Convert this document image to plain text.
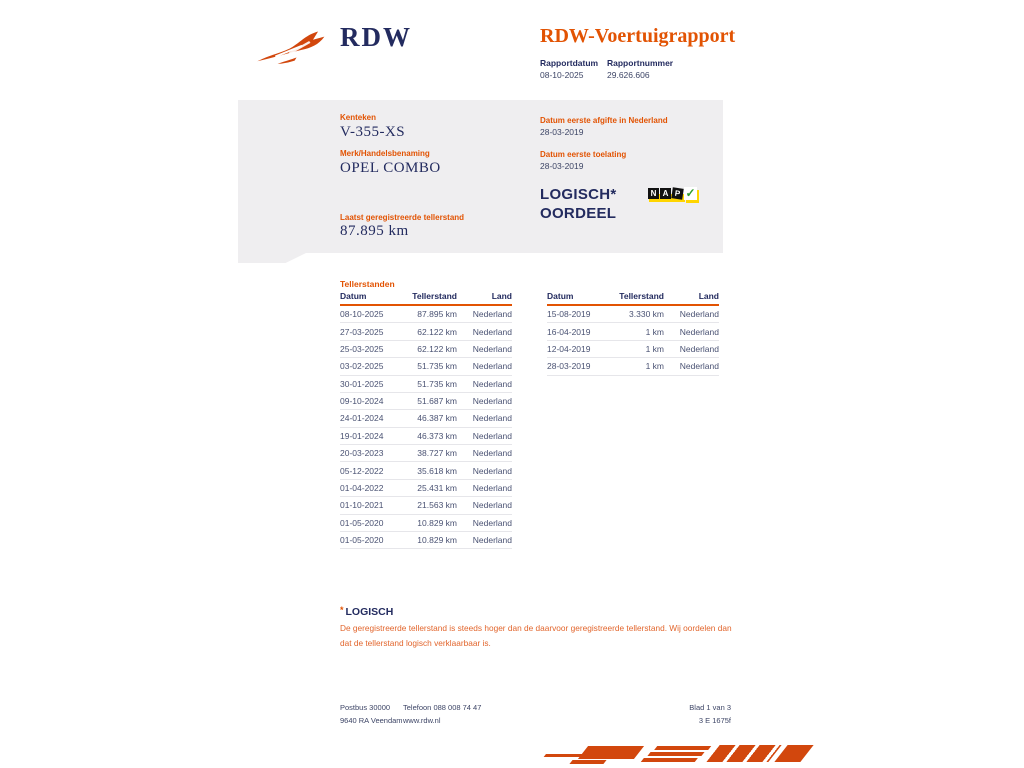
RDW	RDW-Voertuigrapport
Rapportdatum Rapportnummer
08-10-2025	29.626.606
Kenteken
V-355-XS
Merk/Handelsbenaming
OPEL COMBO
Laatst geregistreerde tellerstand
87.895 km
Datum eerste afgifte in Nederland
28-03-2019
Datum eerste toelating
28-03-2019
LOGISCH*
OORDEEL
N A P ✓
Tellerstanden
Datum	Tellerstand	Land
08-10-2025	87.895 km	Nederland
27-03-2025	62.122 km	Nederland
25-03-2025	62.122 km	Nederland
03-02-2025	51.735 km	Nederland
30-01-2025	51.735 km	Nederland
09-10-2024	51.687 km	Nederland
24-01-2024	46.387 km	Nederland
19-01-2024	46.373 km	Nederland
20-03-2023	38.727 km	Nederland
05-12-2022	35.618 km	Nederland
01-04-2022	25.431 km	Nederland
01-10-2021	21.563 km	Nederland
01-05-2020	10.829 km	Nederland
01-05-2020	10.829 km	Nederland
Datum	Tellerstand	Land
15-08-2019	3.330 km	Nederland
16-04-2019	1 km	Nederland
12-04-2019	1 km	Nederland
28-03-2019	1 km	Nederland
* LOGISCH
De geregistreerde tellerstand is steeds hoger dan de daarvoor geregistreerde tellerstand. Wij oordelen dan dat de tellerstand logisch verklaarbaar is.
Postbus 30000
9640 RA Veendam
Telefoon 088 008 74 47
www.rdw.nl
Blad 1 van 3
3 E 1675f
